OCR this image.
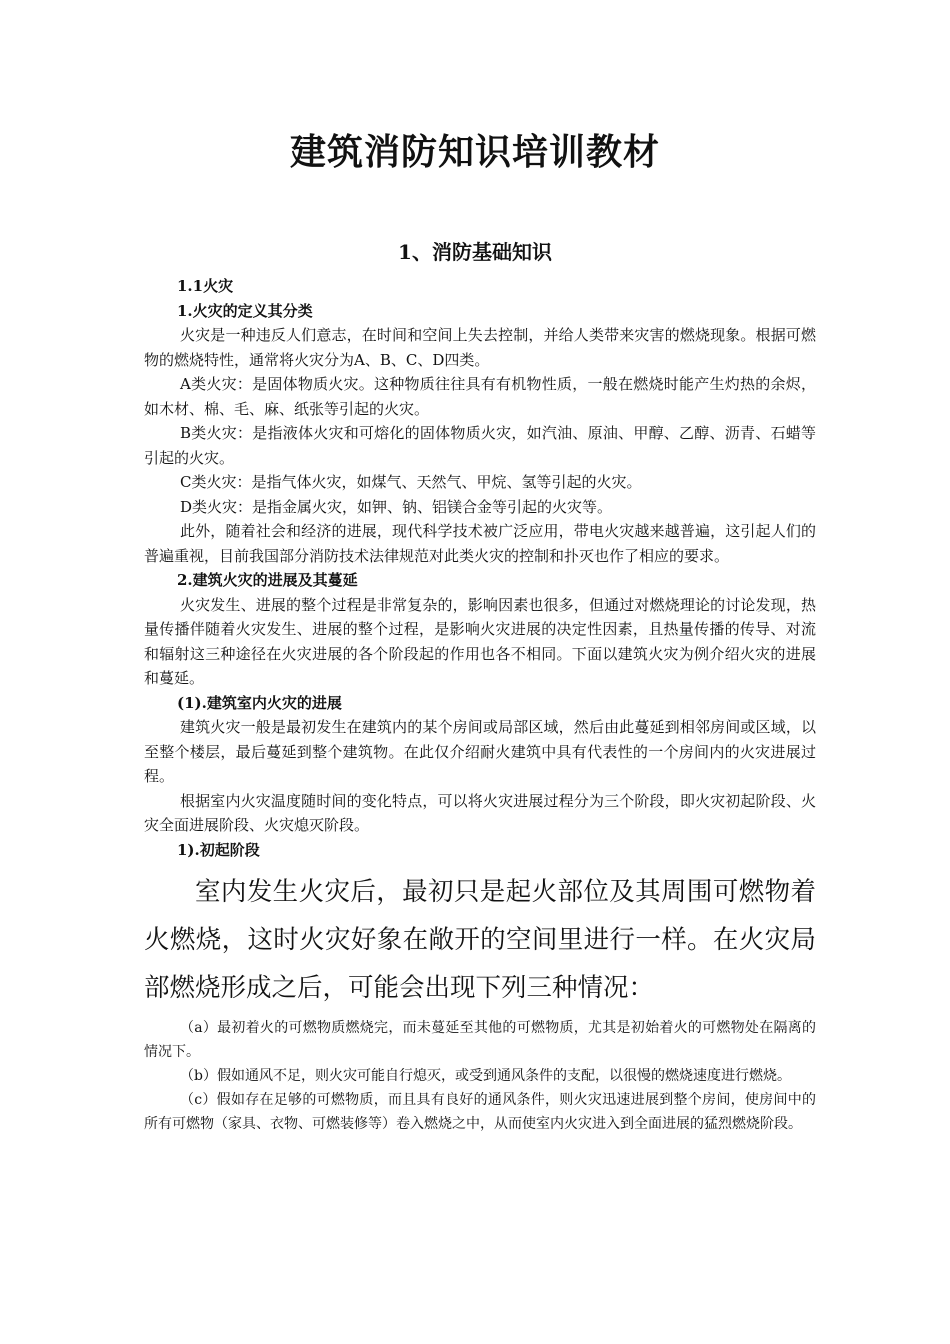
建筑消防知识培训教材
1、消防基础知识

1.1火灾

1.火灾的定义其分类

火灾是一种违反人们意志，在时间和空间上失去控制，并给人类带来灾害的燃烧现象。根据可燃物的燃烧特性，通常将火灾分为A、B、C、D四类。

A类火灾：是固体物质火灾。这种物质往往具有有机物性质，一般在燃烧时能产生灼热的余烬，如木材、棉、毛、麻、纸张等引起的火灾。

B类火灾：是指液体火灾和可熔化的固体物质火灾，如汽油、原油、甲醇、乙醇、沥青、石蜡等引起的火灾。

C类火灾：是指气体火灾，如煤气、天然气、甲烷、氢等引起的火灾。

D类火灾：是指金属火灾，如钾、钠、铝镁合金等引起的火灾等。

此外，随着社会和经济的进展，现代科学技术被广泛应用，带电火灾越来越普遍，这引起人们的普遍重视，目前我国部分消防技术法律规范对此类火灾的控制和扑灭也作了相应的要求。

2.建筑火灾的进展及其蔓延

火灾发生、进展的整个过程是非常复杂的，影响因素也很多，但通过对燃烧理论的讨论发现，热量传播伴随着火灾发生、进展的整个过程，是影响火灾进展的决定性因素，且热量传播的传导、对流和辐射这三种途径在火灾进展的各个阶段起的作用也各不相同。下面以建筑火灾为例介绍火灾的进展和蔓延。

(1).建筑室内火灾的进展

建筑火灾一般是最初发生在建筑内的某个房间或局部区域，然后由此蔓延到相邻房间或区域，以至整个楼层，最后蔓延到整个建筑物。在此仅介绍耐火建筑中具有代表性的一个房间内的火灾进展过程。

根据室内火灾温度随时间的变化特点，可以将火灾进展过程分为三个阶段，即火灾初起阶段、火灾全面进展阶段、火灾熄灭阶段。

1).初起阶段

室内发生火灾后，最初只是起火部位及其周围可燃物着火燃烧，这时火灾好象在敞开的空间里进行一样。在火灾局部燃烧形成之后，可能会出现下列三种情况：

（a）最初着火的可燃物质燃烧完，而未蔓延至其他的可燃物质，尤其是初始着火的可燃物处在隔离的情况下。

（b）假如通风不足，则火灾可能自行熄灭，或受到通风条件的支配，以很慢的燃烧速度进行燃烧。

（c）假如存在足够的可燃物质，而且具有良好的通风条件，则火灾迅速进展到整个房间，使房间中的所有可燃物（家具、衣物、可燃装修等）卷入燃烧之中，从而使室内火灾进入到全面进展的猛烈燃烧阶段。
